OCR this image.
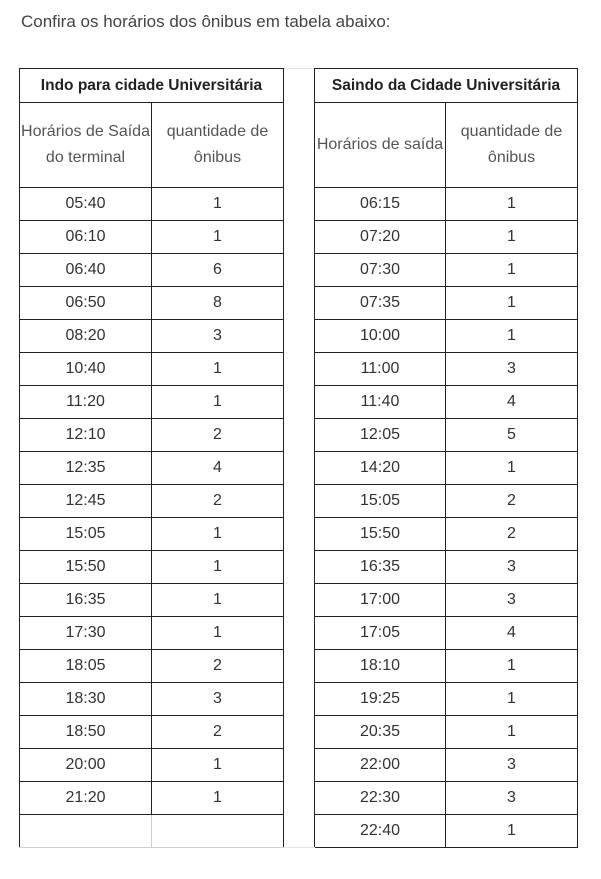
Confira os horários dos ônibus em tabela abaixo:

Indo para cidade Universitária			Saindo da Cidade Universitária	
Horários de Saída do terminal	quantidade de ônibus		Horários de saída	quantidade de ônibus
05:40	1		06:15	1
06:10	1		07:20	1
06:40	6		07:30	1
06:50	8		07:35	1
08:20	3		10:00	1
10:40	1		11:00	3
11:20	1		11:40	4
12:10	2		12:05	5
12:35	4		14:20	1
12:45	2		15:05	2
15:05	1		15:50	2
15:50	1		16:35	3
16:35	1		17:00	3
17:30	1		17:05	4
18:05	2		18:10	1
18:30	3		19:25	1
18:50	2		20:35	1
20:00	1		22:00	3
21:20	1		22:30	3
			22:40	1
